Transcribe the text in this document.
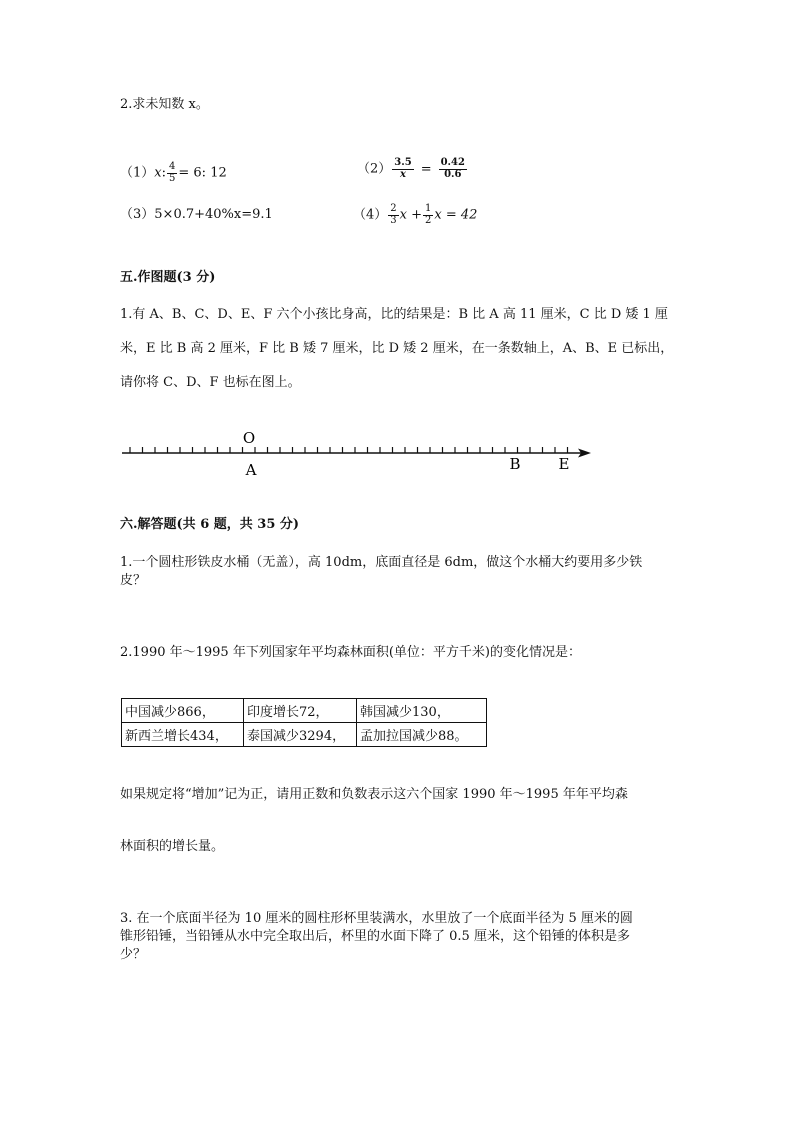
2.求未知数 x。
（1）x: $\frac{4}{5} = 6$: 12	$(2) \frac{3.5}{x} = \frac{0.42}{0.6}$
（3）5×0.7+40%x=9.1	$(4) \frac{2}{3}$ $x + \frac{1}{2}$ x = 42
五.作图题(3 分)
1.有 A、B、C、D、E、F 六个小孩比身高，比的结果是：B 比 A 高 11 厘米，C 比 D 矮 1 厘
米，E 比 B 高 2 厘米，F 比 B 矮 7 厘米，比 D 矮 2 厘米，在一条数轴上，A、B、E 已标出，
请你将 C、D、F 也标在图上。
O
A	B	E
六.解答题(共 6 题，共 35 分)
1.一个圆柱形铁皮水桶（无盖），高 10dm，底面直径是 6dm，做这个水桶大约要用多少铁
皮？
2.1990 年～1995 年下列国家年平均森林面积(单位：平方千米)的变化情况是：
中国减少866，	印度增长72，	韩国减少130，
新西兰增长434，	泰国减少3294，	孟加拉国减少88。
如果规定将“增加”记为正，请用正数和负数表示这六个国家 1990 年～1995 年年平均森
林面积的增长量。
3. 在一个底面半径为 10 厘米的圆柱形杯里装满水，水里放了一个底面半径为 5 厘米的圆
锥形铅锤，当铅锤从水中完全取出后，杯里的水面下降了 0.5 厘米，这个铅锤的体积是多
少？
